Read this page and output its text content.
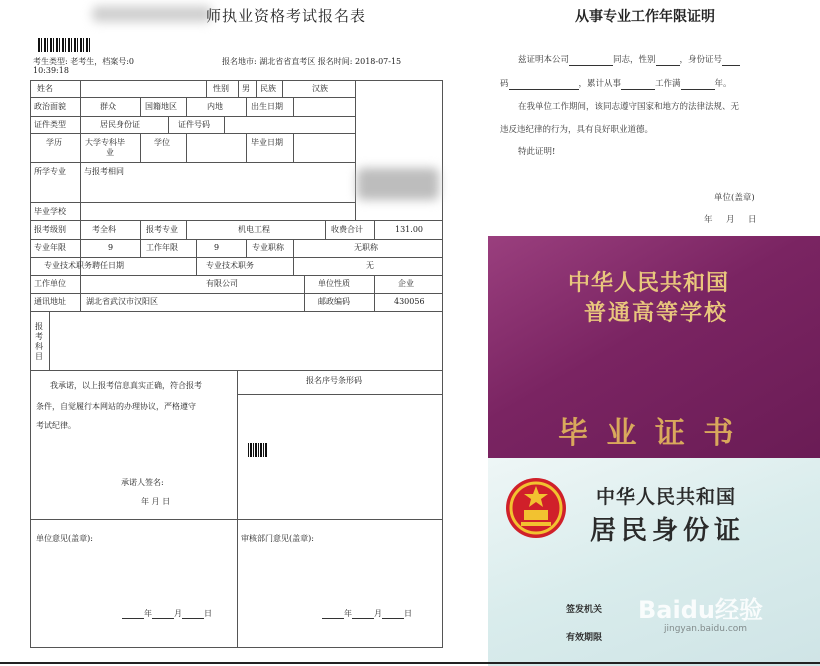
师执业资格考试报名表
考生类型: 老考生，档案号:0
10:39:18
报名地市: 湖北省省直考区 报名时间: 2018-07-15
姓名	性别 男 民族	汉族
政治面貌	群众	国籍地区	内地	出生日期
证件类型	居民身份证	证件号码
学历	大学专科毕
业
学位	毕业日期
所学专业 与报考相同
毕业学校
报考级别	考全科	报考专业	机电工程	收费合计	131.00
专业年限	9	工作年限	9	专业职称	无职称
专业技术职务聘任日期	专业技术职务	无
工作单位	有限公司	单位性质	企业
通讯地址	湖北省武汉市汉阳区	邮政编码	430056
报考科目
我承诺，以上报考信息真实正确，符合报考
条件，自觉履行本网站的办理协议，严格遵守
考试纪律。
承诺人签名:
年 月 日
报名序号条形码
单位意见(盖章):	审核部门意见(盖章):
年	月	日	年	月	日
从事专业工作年限证明
兹证明本公司	同志，性别	，身份证号
码	，累计从事	工作满	年。
在我单位工作期间，该同志遵守国家和地方的法律法规、无
违反违纪律的行为，具有良好职业道德。
特此证明!
单位(盖章)
年     月     日
中华人民共和国
普通高等学校
毕 业 证 书
中华人民共和国
居民身份证
签发机关
有效期限
Baidu经验
jingyan.baidu.com
